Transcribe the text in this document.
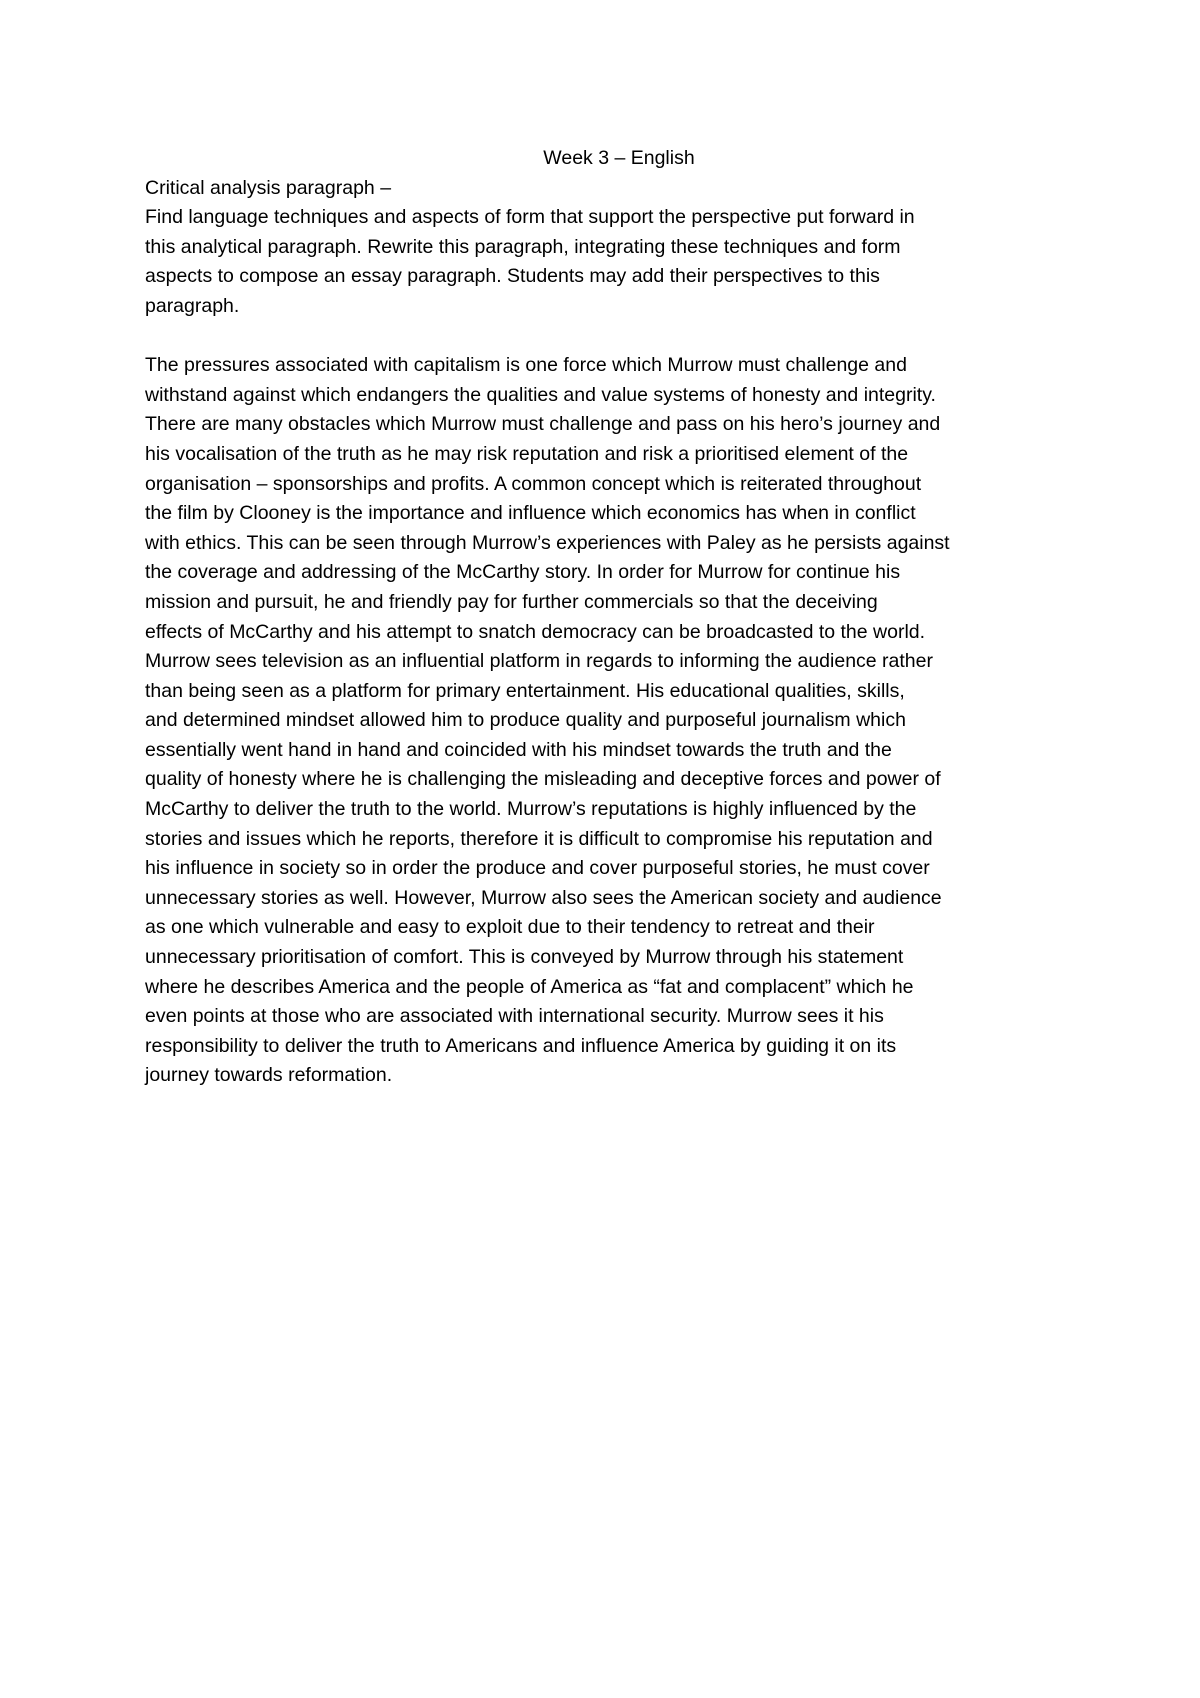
Week 3 – English

Critical analysis paragraph –

Find language techniques and aspects of form that support the perspective put forward in

this analytical paragraph. Rewrite this paragraph, integrating these techniques and form

aspects to compose an essay paragraph. Students may add their perspectives to this

paragraph.

The pressures associated with capitalism is one force which Murrow must challenge and

withstand against which endangers the qualities and value systems of honesty and integrity.

There are many obstacles which Murrow must challenge and pass on his hero’s journey and

his vocalisation of the truth as he may risk reputation and risk a prioritised element of the

organisation – sponsorships and profits. A common concept which is reiterated throughout

the film by Clooney is the importance and influence which economics has when in conflict

with ethics. This can be seen through Murrow’s experiences with Paley as he persists against

the coverage and addressing of the McCarthy story. In order for Murrow for continue his

mission and pursuit, he and friendly pay for further commercials so that the deceiving

effects of McCarthy and his attempt to snatch democracy can be broadcasted to the world.

Murrow sees television as an influential platform in regards to informing the audience rather

than being seen as a platform for primary entertainment. His educational qualities, skills,

and determined mindset allowed him to produce quality and purposeful journalism which

essentially went hand in hand and coincided with his mindset towards the truth and the

quality of honesty where he is challenging the misleading and deceptive forces and power of

McCarthy to deliver the truth to the world. Murrow’s reputations is highly influenced by the

stories and issues which he reports, therefore it is difficult to compromise his reputation and

his influence in society so in order the produce and cover purposeful stories, he must cover

unnecessary stories as well. However, Murrow also sees the American society and audience

as one which vulnerable and easy to exploit due to their tendency to retreat and their

unnecessary prioritisation of comfort. This is conveyed by Murrow through his statement

where he describes America and the people of America as “fat and complacent” which he

even points at those who are associated with international security. Murrow sees it his

responsibility to deliver the truth to Americans and influence America by guiding it on its

journey towards reformation.
